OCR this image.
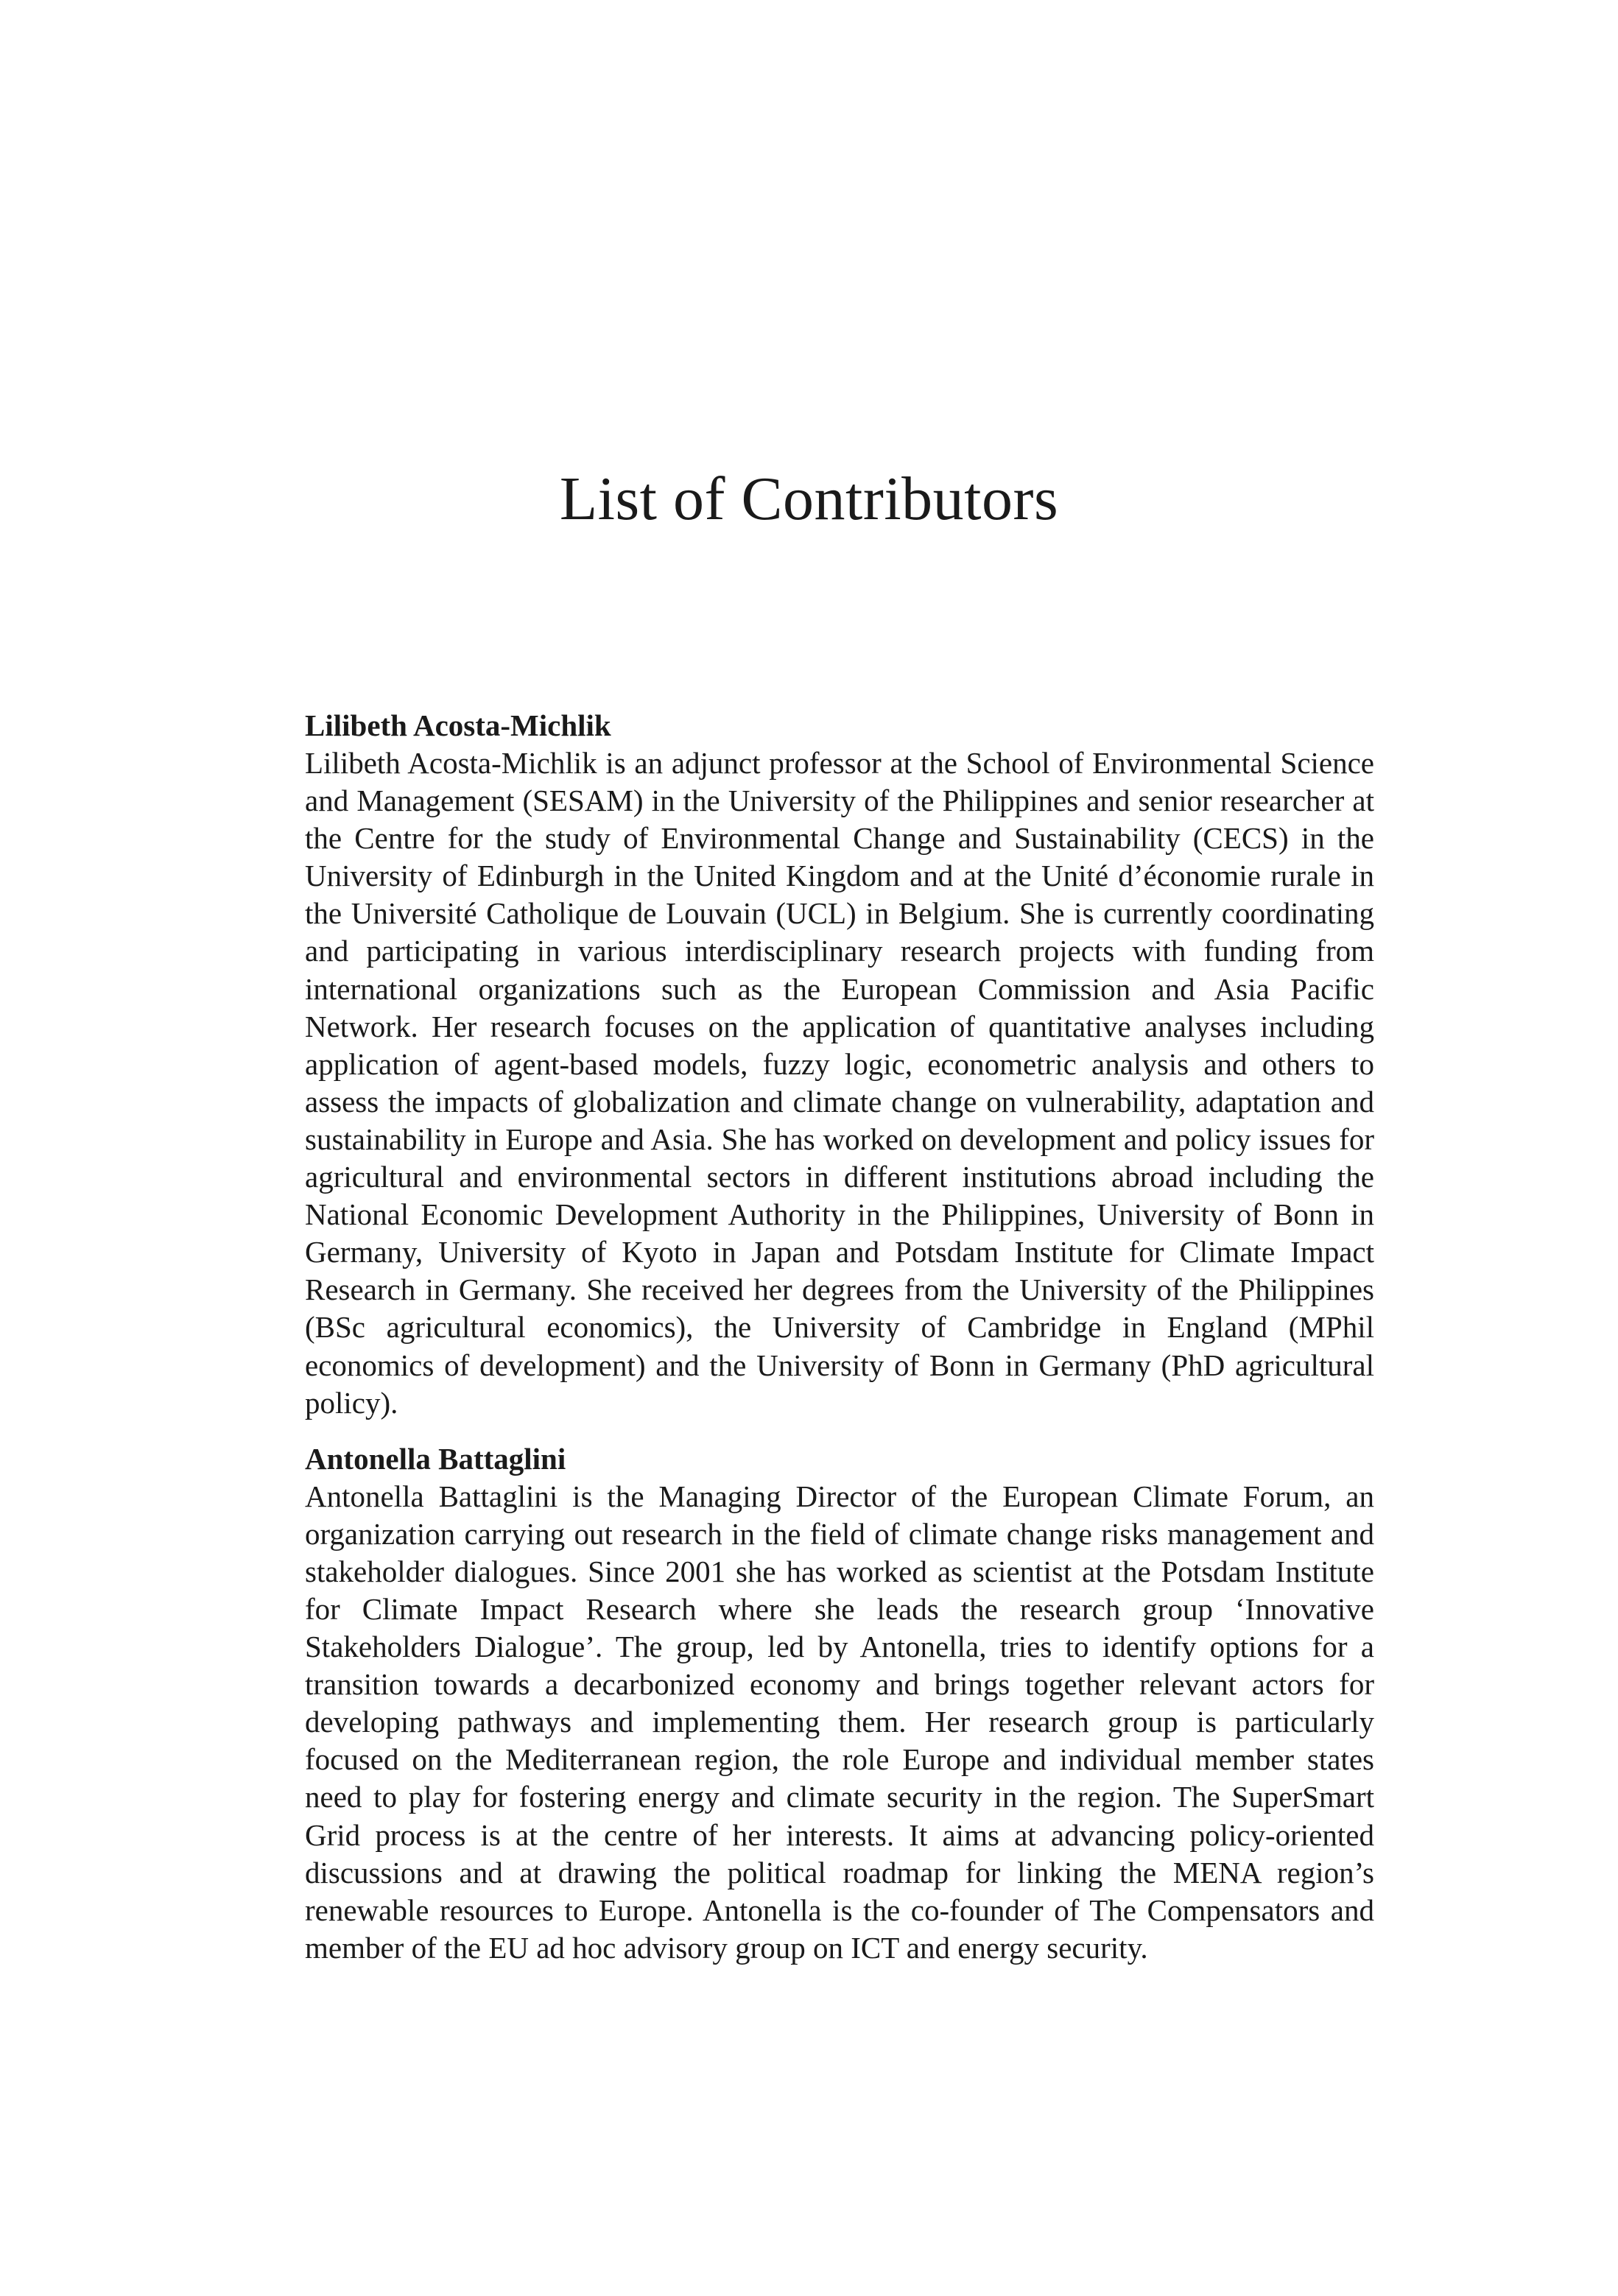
List of Contributors

Lilibeth Acosta-Michlik

Lilibeth Acosta-Michlik is an adjunct professor at the School of Environmental Science and Management (SESAM) in the University of the Philippines and senior researcher at the Centre for the study of Environmental Change and Sustainability (CECS) in the University of Edinburgh in the United Kingdom and at the Unité d’économie rurale in the Université Catholique de Louvain (UCL) in Belgium. She is currently coordinating and participating in various interdisciplinary research projects with funding from international organizations such as the European Commission and Asia Pacific Network. Her research focuses on the application of quantitative analyses including application of agent-based models, fuzzy logic, econometric analysis and others to assess the impacts of globalization and climate change on vulnerability, adaptation and sustainability in Europe and Asia. She has worked on development and policy issues for agricultural and environmental sectors in different institutions abroad including the National Economic Development Authority in the Philippines, University of Bonn in Germany, University of Kyoto in Japan and Potsdam Institute for Climate Impact Research in Germany. She received her degrees from the University of the Philippines (BSc agricultural economics), the University of Cambridge in England (MPhil economics of development) and the University of Bonn in Germany (PhD agricultural policy).

Antonella Battaglini

Antonella Battaglini is the Managing Director of the European Climate Forum, an organization carrying out research in the field of climate change risks management and stakeholder dialogues. Since 2001 she has worked as scientist at the Potsdam Institute for Climate Impact Research where she leads the research group ‘Innovative Stakeholders Dialogue’. The group, led by Antonella, tries to identify options for a transition towards a decarbonized economy and brings together relevant actors for developing pathways and implementing them. Her research group is particularly focused on the Mediterranean region, the role Europe and individual member states need to play for fostering energy and climate security in the region. The SuperSmart Grid process is at the centre of her interests. It aims at advancing policy-oriented discussions and at drawing the political roadmap for linking the MENA region’s renewable resources to Europe. Antonella is the co-founder of The Compensators and member of the EU ad hoc advisory group on ICT and energy security.
